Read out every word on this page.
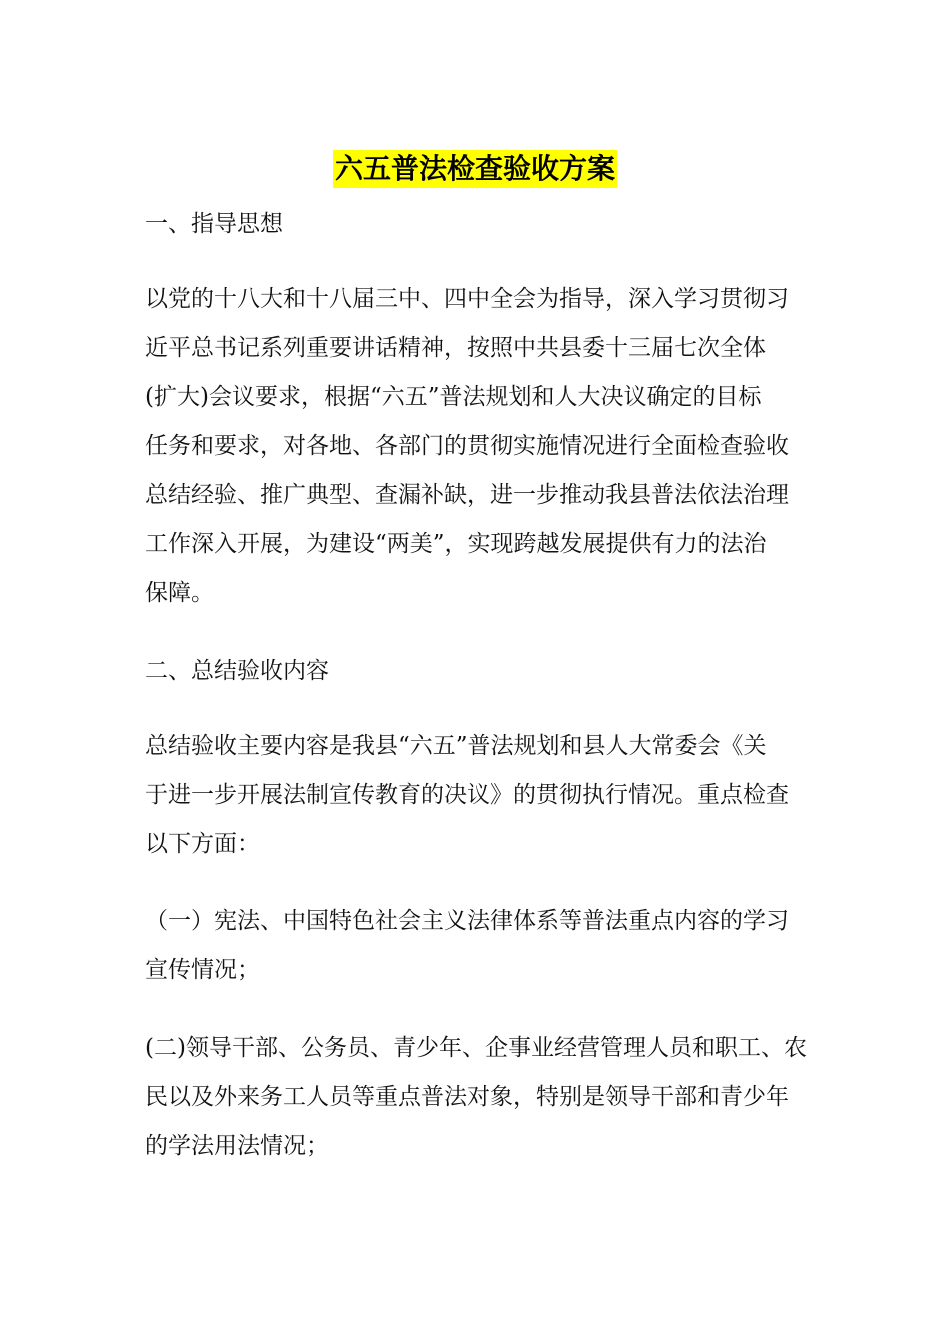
六五普法检查验收方案
一、指导思想
以党的十八大和十八届三中、四中全会为指导，深入学习贯彻习
近平总书记系列重要讲话精神，按照中共县委十三届七次全体
(扩大)会议要求，根据“六五”普法规划和人大决议确定的目标
任务和要求，对各地、各部门的贯彻实施情况进行全面检查验收
总结经验、推广典型、查漏补缺，进一步推动我县普法依法治理
工作深入开展，为建设“两美”，实现跨越发展提供有力的法治
保障。
二、总结验收内容
总结验收主要内容是我县“六五”普法规划和县人大常委会《关
于进一步开展法制宣传教育的决议》的贯彻执行情况。重点检查
以下方面：
（一）宪法、中国特色社会主义法律体系等普法重点内容的学习
宣传情况；
(二)领导干部、公务员、青少年、企事业经营管理人员和职工、农
民以及外来务工人员等重点普法对象，特别是领导干部和青少年
的学法用法情况；
